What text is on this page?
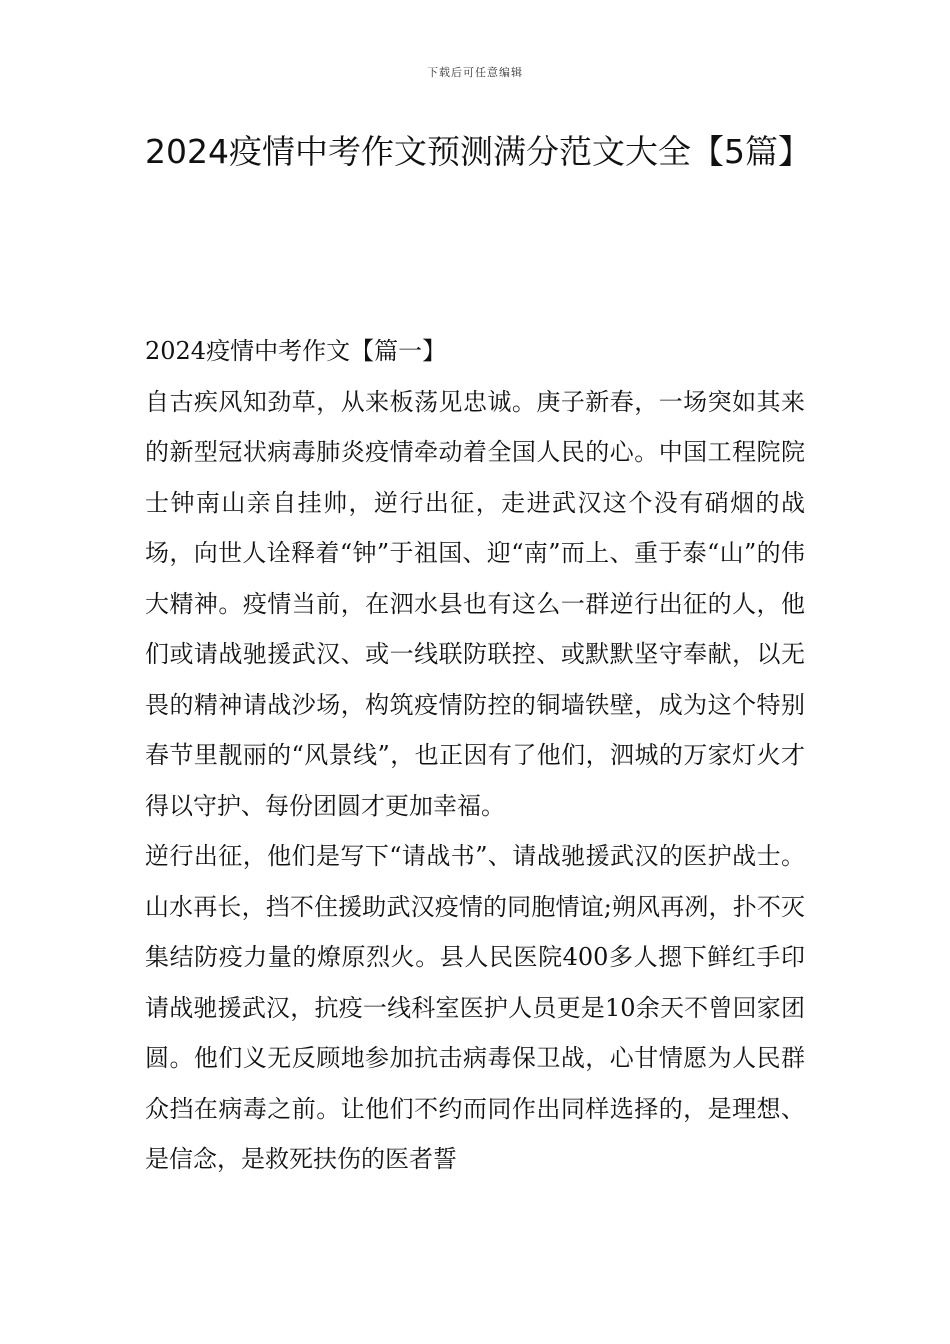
下载后可任意编辑
2024疫情中考作文预测满分范文大全【5篇】
2024疫情中考作文【篇一】

自古疾风知劲草，从来板荡见忠诚。庚子新春，一场突如其来的新型冠状病毒肺炎疫情牵动着全国人民的心。中国工程院院士钟南山亲自挂帅，逆行出征，走进武汉这个没有硝烟的战场，向世人诠释着“钟”于祖国、迎“南”而上、重于泰“山”的伟大精神。疫情当前，在泗水县也有这么一群逆行出征的人，他们或请战驰援武汉、或一线联防联控、或默默坚守奉献，以无畏的精神请战沙场，构筑疫情防控的铜墙铁壁，成为这个特别春节里靓丽的“风景线”，也正因有了他们，泗城的万家灯火才得以守护、每份团圆才更加幸福。

逆行出征，他们是写下“请战书”、请战驰援武汉的医护战士。山水再长，挡不住援助武汉疫情的同胞情谊;朔风再冽，扑不灭集结防疫力量的燎原烈火。县人民医院400多人摁下鲜红手印请战驰援武汉，抗疫一线科室医护人员更是10余天不曾回家团圆。他们义无反顾地参加抗击病毒保卫战，心甘情愿为人民群众挡在病毒之前。让他们不约而同作出同样选择的，是理想、是信念，是救死扶伤的医者誓
